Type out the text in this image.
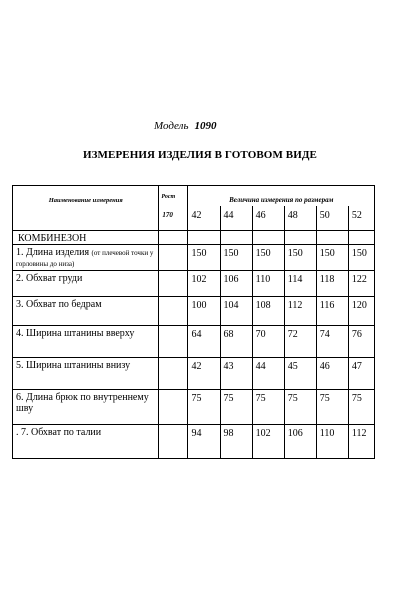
Модель 1090
ИЗМЕРЕНИЯ ИЗДЕЛИЯ В ГОТОВОМ ВИДЕ
Наименование измерения	Рост	Величина измерения по размерам					
	170	42	44	46	48	50	52
КОМБИНЕЗОН							
1. Длина изделия (от плечевой точки у горловины до низа)		150	150	150	150	150	150
2. Обхват груди		102	106	110	114	118	122
3. Обхват по бедрам		100	104	108	112	116	120
4. Ширина штанины вверху		64	68	70	72	74	76
5. Ширина штанины внизу		42	43	44	45	46	47
6. Длина брюк по внутреннему шву		75	75	75	75	75	75
. 7. Обхват по талии		94	98	102	106	110	112
